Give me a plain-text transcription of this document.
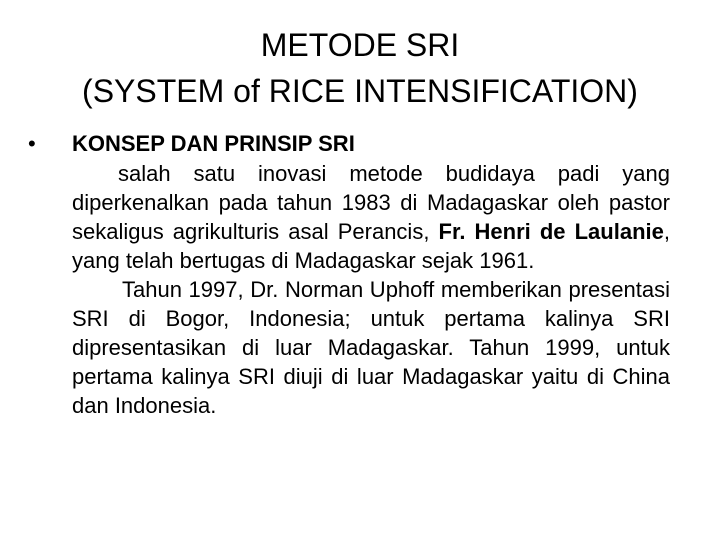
METODE SRI
(SYSTEM of RICE INTENSIFICATION)
• KONSEP DAN PRINSIP SRI

salah satu inovasi metode budidaya padi yang diperkenalkan pada tahun 1983 di Madagaskar oleh pastor sekaligus agrikulturis asal Perancis, Fr. Henri de Laulanie, yang telah bertugas di Madagaskar sejak 1961.

Tahun 1997, Dr. Norman Uphoff memberikan presentasi SRI di Bogor, Indonesia; untuk pertama kalinya SRI dipresentasikan di luar Madagaskar. Tahun 1999, untuk pertama kalinya SRI diuji di luar Madagaskar yaitu di China dan Indonesia.
